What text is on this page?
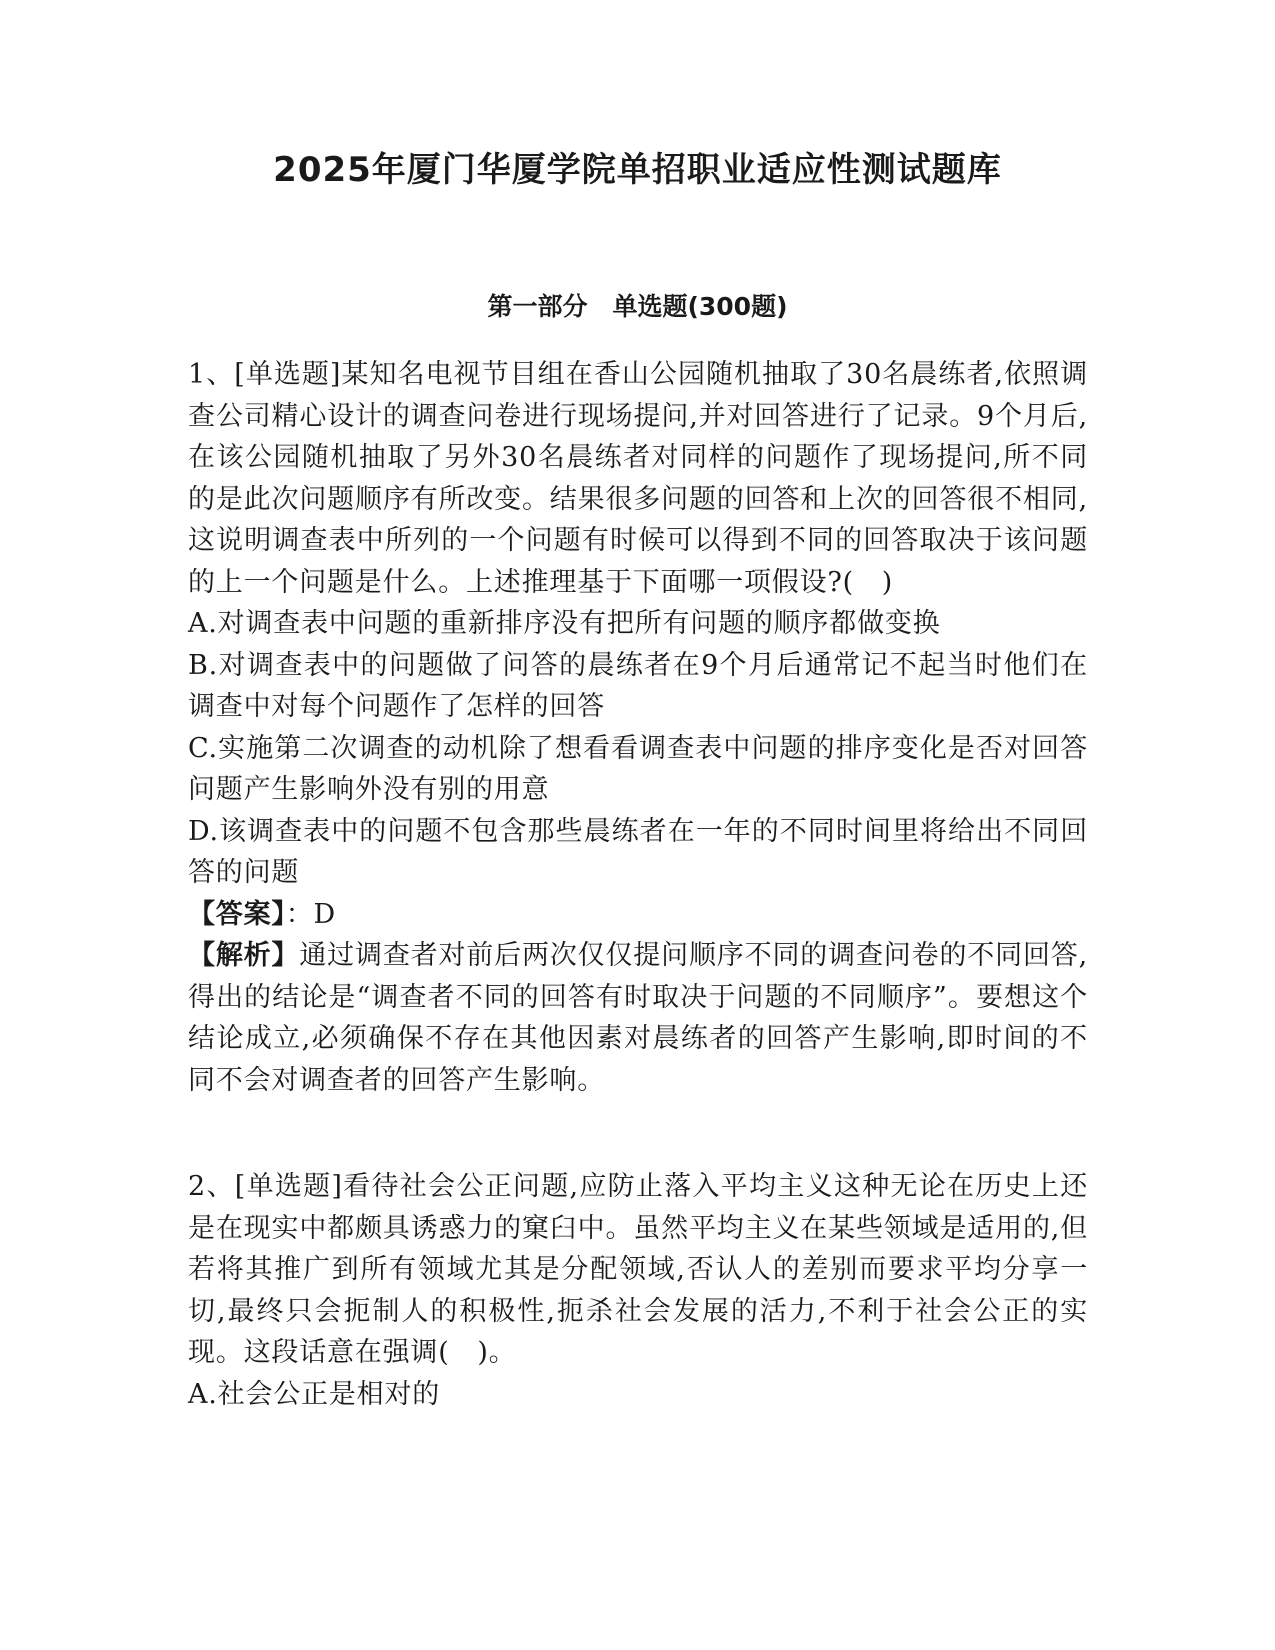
2025年厦门华厦学院单招职业适应性测试题库
第一部分　单选题(300题)

1、[单选题]某知名电视节目组在香山公园随机抽取了30名晨练者,依照调查公司精心设计的调查问卷进行现场提问,并对回答进行了记录。9个月后,在该公园随机抽取了另外30名晨练者对同样的问题作了现场提问,所不同的是此次问题顺序有所改变。结果很多问题的回答和上次的回答很不相同,这说明调查表中所列的一个问题有时候可以得到不同的回答取决于该问题的上一个问题是什么。上述推理基于下面哪一项假设?(　)

A.对调查表中问题的重新排序没有把所有问题的顺序都做变换

B.对调查表中的问题做了问答的晨练者在9个月后通常记不起当时他们在调查中对每个问题作了怎样的回答

C.实施第二次调查的动机除了想看看调查表中问题的排序变化是否对回答问题产生影响外没有别的用意

D.该调查表中的问题不包含那些晨练者在一年的不同时间里将给出不同回答的问题

【答案】：D

【解析】通过调查者对前后两次仅仅提问顺序不同的调查问卷的不同回答,得出的结论是“调查者不同的回答有时取决于问题的不同顺序”。要想这个结论成立,必须确保不存在其他因素对晨练者的回答产生影响,即时间的不同不会对调查者的回答产生影响。

2、[单选题]看待社会公正问题,应防止落入平均主义这种无论在历史上还是在现实中都颇具诱惑力的窠臼中。虽然平均主义在某些领域是适用的,但若将其推广到所有领域尤其是分配领域,否认人的差别而要求平均分享一切,最终只会扼制人的积极性,扼杀社会发展的活力,不利于社会公正的实现。这段话意在强调(　)。

A.社会公正是相对的
